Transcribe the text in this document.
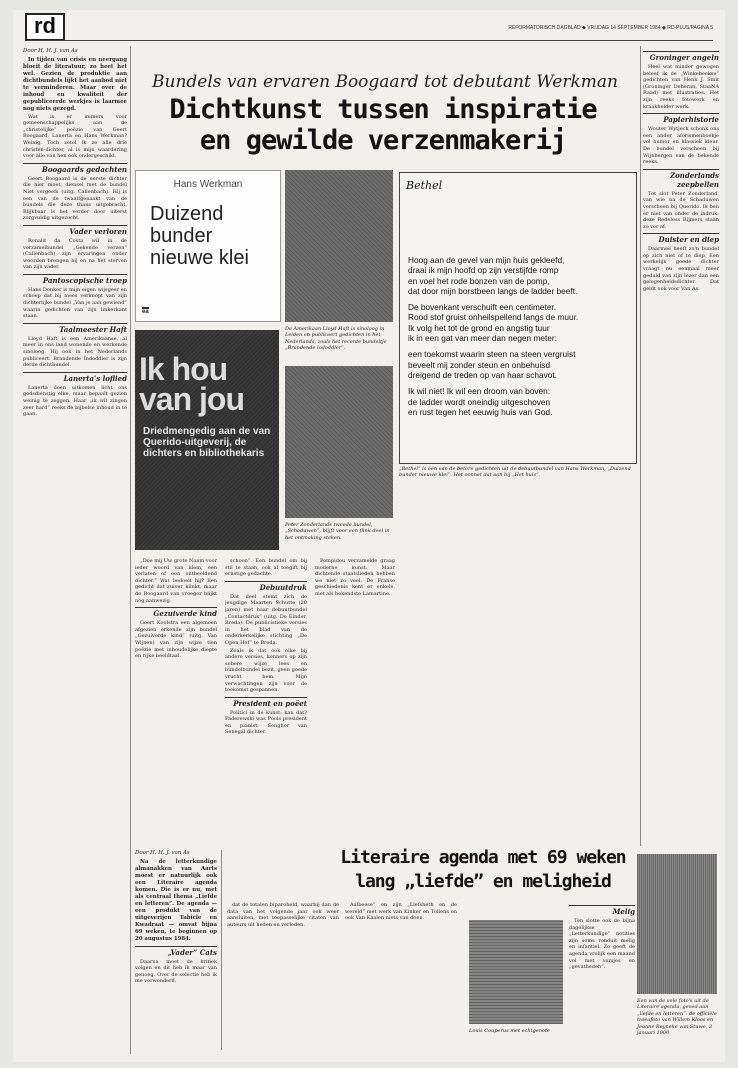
rd	REFORMATORISCH DAGBLAD ◆ VRIJDAG 14 SEPTEMBER 1984 ◆ RD-PLUS/PAGINA 5
Door H. H. J. van As

In tijden van crisis en neergang bloeit de literatuur, zo heet het wel. Gezien de produktie aan dichtbundels lijkt het aanbod niet te verminderen. Maar over de inhoud en kwaliteit der gepubliceerde werkjes is laarmee nog niets gezegd.

Wat is er immers voor gemeenschappelijks aan de „christelijke” poëzie van Geert Boogaard, Lanerta en Hans Werkman? Weinig. Toch zetel ik ze alle drie christen-dichter, al is mijn waardering voor alle van hen ook ondergeschikt.

Boogaards gedachten

Geert Boogaard is de eerste dichter die hier moet, diensel met de bundel Niet vergeefs (uitg. Callenbach). Hij is een van de twaalfgenaakt van de bundels die deze thans uitgebracht. Blijkbaar is het verder door uiterst zorgvuldig uitgezocht.

Vader verloren

Ronald da Costa wil in de verzamelbundel „Gekende verzen” (Callenbach) zijn ervaringen onder woorden brengen bij en na het sterven van zijn vader.

Pantoscopische troep

Hans Donker is mijn eigen wijsgeer en schoep dat bij mees verknopt van zijn dichterlijke bundel „Van je aan gewiend” waarin gedichten van zijn linkerkant staan.

Taalmeester Haft

Lloyd Haft is een Amerikaanse, al meer in ons land wonende en werkende sinoloog. Hij ook in het Nederlands publiceert. Brandende Indoddler is zijn derde dichtbundel.

Lanerta's loflied

Lanerta doen uitkomen licht ons godsdienstig elke, maar bepaalt gezien weinig te zeggen. Haar „ik wil zingen zeer hard” reeks de bijbelse inhoud in te gaan.

Bundels van ervaren Boogaard tot debutant Werkman
Dichtkunst tussen inspiratie
en gewilde verzenmakerij
Hans Werkman
Duizend bunder nieuwe klei
ea
De Amerikaan Lloyd Haft is sinoloog in Leiden en publiceert gedichten in het Nederlands, zoals het recente bundeltje „Brandende lododdler”.
Ik hou van jou
Driedmengedig aan de van Querido-uitgeverij, de dichters en bibliothekaris
Peter Zonderlands tweede bundel, „Schaduwen”, blijft voor een flink deel in het ontmaking steken.
Bethel
Hoog aan de gevel van mijn huis gekleefd,
draai ik mijn hoofd op zijn verstijfde romp
en voel het rode bonzen van de pomp,
dat door mijn borstbeen langs de ladder beeft.
De bovenkant verschuift een centimeter.
Rood stof gruist onheilspellend langs de muur.
Ik volg het tot de grond en angstig tuur
ik in een gat van meer dan negen meter:
een toekomst waarin steen na steen vergruist
beveelt mij zonder steun en onbehuisd
dreigend de treden op van haar schavot.
Ik wil niet! Ik wil een droom van boven:
de ladder wordt oneindig uitgeschoven
en rust tegen het eeuwig huis van God.
„Bethel” is één van de betere gedichten uit de debuutbundel van Hans Werkman, „Duizend bunder nieuwe klei”. Het oonnet dat aan bij „Het huis”.
Groninger angeln

Heel wat minder gewogen beleef ik de „Winkebeekse” gedichten van Henk J. Smit (Groninger Deheran, StaaNA Raad) met illustraties. Het zijn reeks fotowerk en kraakhelder werk.

Papierhistorie

Wouter Wytjeck schonk ons een ander aforismenboekje vol humor en klassiek kleur. De bundel verscheen bij Wijnbergen van de bekende reeks.

Zonderlands zeepbellen

Tot slot Peter Zonderland, van wie na de Schaduwen verscheen bij Querido. Ik ben er niet van onder de indruk: deze Redeless Rijmers staan zo ver af.

Duister en diep

Daarmee heeft zo'n bundel op zich niet of te diep. Een werkelijk goede dichter vraagt nu eenmaal meer geduld van zijn lezer dan een gelegenheidsdichter. Dat geldt ook voor Van As.

„Doe mij Uw grote Naam voor ieder woord van klem, een verlaten of een ontbeeldend dichter.” Wat bedoelt hij? Een gedicht dat zuiver klinkt, maar de Boogaard van vroeger blijkt nog aanwezig.

Gezuiverde kind

Geert Koolstra een algemeen afgezien erkende zijn bundel „Gezuiverde kind” (uitg. Van Wijnen) van zijn wijze tien poëzie met inhoudelijke diepte en rijke beeldtaal.

schoon”. Een bundel om bij stil te staan, ook al toegift bij ernstige gedachte.

Debuutdruk

Dat deel stemt zich de jeugdige Maarten Schutte (20 jaren) met haar debuutbundel „Contactdruk” (uitg. De Einder, Breda). De publicistieke versies in het blad van de onderkerkelijke stichting „De Open Hof” te Breda.

Zoals ik dat ook elke bij andere versies, kenners op zijn sobere wijze lees en bundelbundel bezit, geen goede vrucht hem. Mijn verwachtingen zijn voor de toekomst gespannen.

President en poëet

Politici in de kunst: kan dat? Paderewski was Pools president en pianist, Senghor van Senegal dichter.

Pompidou verzamelde graag moderne kunst. Maar dichtende staatslieden hebben we niet zo veel. De Franse geschiedenis kent er enkele, met als bekendste Lamartine.

Door H. H. J. van As

Na de letterkundige almanakken van Aarts moest er natuurlijk ook een Literaire agenda komen. Die is er nu, met als centraal thema „Liefde en letteren”. De agenda — een produkt van de uitgeverijen Tabicle en Kwadraat — omvat bijna 69 weken, te beginnen op 20 augustus 1984.

„Vader” Cats

Daarna moet de kritiek volgen en dit heb ik maar van genoeg. Over de selectie heb ik me verwonderd.

Literaire agenda met 69 weken
lang „liefde” en meligheid

dat de totalen biparoheld, waarbij dan de data van het volgende jaar ook weer aansluiten, met toepasselijke citaten van auteurs uit heden en verleden.

Aalbeese” en zijn „Liefsheth en de wereld” met werk van Kinker en Tollens en ook Van Kaalen niets van doen.

Melig

Ten slotte ook de bijna dagelijkse „Letterkundige” notities zijn soms ronduit melig en infantiel. Zo geeft de agenda vrolijk een maand vol met versjes en „gevatheden”.

Louis Couperus met echtgenote
Een van de vele foto's uit de Literaire agenda, geved aan „liefde en letteren”: de officiële troeafoto van Willem Kloos en Jeanne Reyneke van Stuwe, 3 januari 1900.
